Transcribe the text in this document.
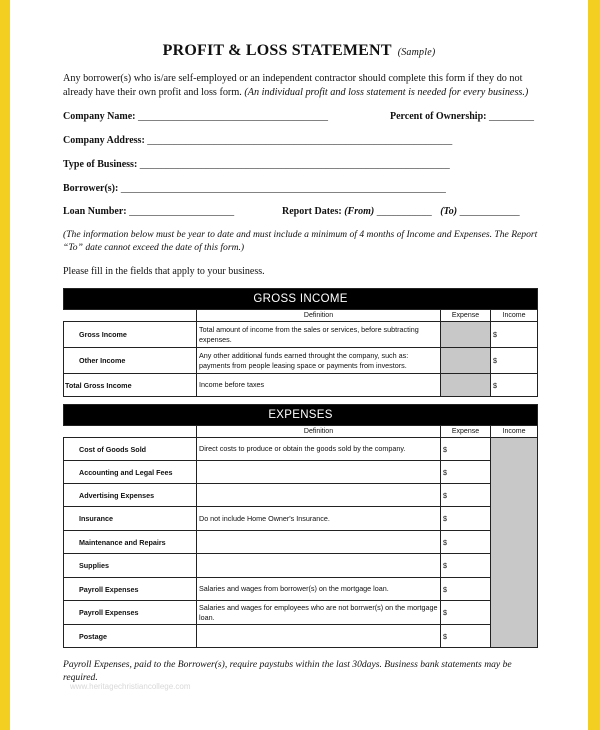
PROFIT & LOSS STATEMENT (Sample)
Any borrower(s) who is/are self-employed or an independent contractor should complete this form if they do not already have their own profit and loss form. (An individual profit and loss statement is needed for every business.)
Company Name: ______________________________________	Percent of Ownership: _________
Company Address: _____________________________________________________________
Type of Business: ______________________________________________________________
Borrower(s): _________________________________________________________________
Loan Number: _____________________	Report Dates: (From) ___________ (To) ____________
(The information below must be year to date and must include a minimum of 4 months of Income and Expenses. The Report “To” date cannot exceed the date of this form.)
Please fill in the fields that apply to your business.
GROSS INCOME			
	Definition	Expense	Income
Gross Income	Total amount of income from the sales or services, before subtracting expenses.		$
Other Income	Any other additional funds earned throught the company, such as: payments from people leasing space or payments from investors.		$
Total Gross Income	Income before taxes		$
EXPENSES			
	Definition	Expense	Income
Cost of Goods Sold	Direct costs to produce or obtain the goods sold by the company.	$	
Accounting and Legal Fees		$	
Advertising Expenses		$	
Insurance	Do not include Home Owner's Insurance.	$	
Maintenance and Repairs		$	
Supplies		$	
Payroll Expenses	Salaries and wages from borrower(s) on the mortgage loan.	$	
Payroll Expenses	Salaries and wages for employees who are not borrwer(s) on the mortgage loan.	$	
Postage		$	
Payroll Expenses, paid to the Borrower(s), require paystubs within the last 30days. Business bank statements may be required.
www.heritagechristiancollege.com
